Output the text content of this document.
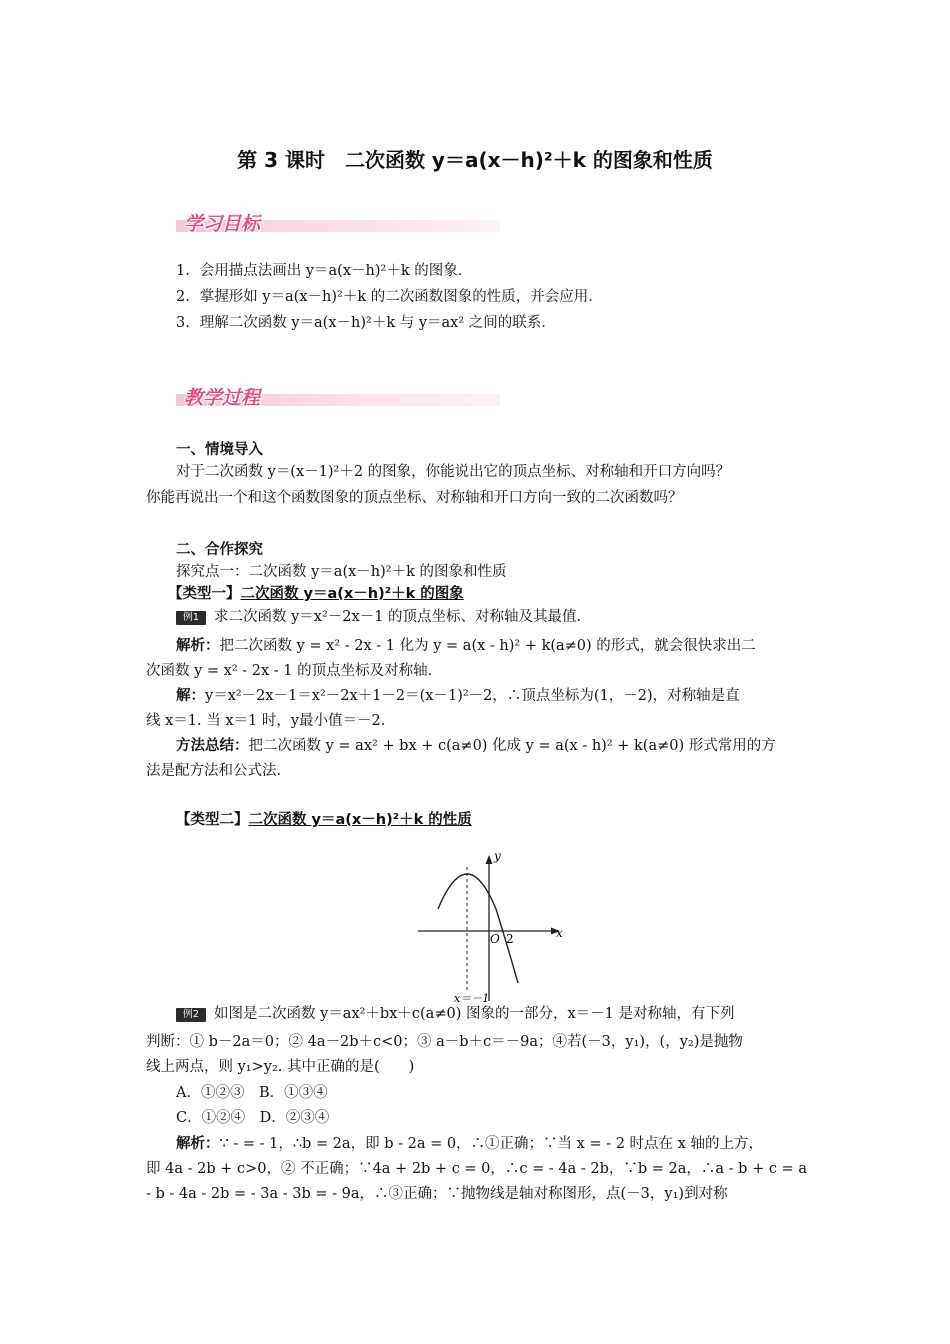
第 3 课时　二次函数 y＝a(x－h)²＋k 的图象和性质
学习目标
1．会用描点法画出 y＝a(x－h)²＋k 的图象．
2．掌握形如 y＝a(x－h)²＋k 的二次函数图象的性质，并会应用．
3．理解二次函数 y＝a(x－h)²＋k 与 y＝ax² 之间的联系．
教学过程
一、情境导入
对于二次函数 y＝(x－1)²＋2 的图象，你能说出它的顶点坐标、对称轴和开口方向吗？
你能再说出一个和这个函数图象的顶点坐标、对称轴和开口方向一致的二次函数吗？
二、合作探究
探究点一：二次函数 y＝a(x－h)²＋k 的图象和性质
【类型一】二次函数 y＝a(x－h)²＋k 的图象
例1 求二次函数 y＝x²－2x－1 的顶点坐标、对称轴及其最值.
解析：把二次函数 y = x² - 2x - 1 化为 y = a(x - h)² + k(a≠0) 的形式，就会很快求出二
次函数 y = x² - 2x - 1 的顶点坐标及对称轴.
解：y＝x²－2x－1＝x²－2x＋1－2＝(x－1)²－2，∴顶点坐标为(1，－2)，对称轴是直
线 x＝1. 当 x＝1 时，y最小值＝－2.
方法总结：把二次函数 y = ax² + bx + c(a≠0) 化成 y = a(x - h)² + k(a≠0) 形式常用的方
法是配方法和公式法.
【类型二】二次函数 y＝a(x－h)²＋k 的性质
y
x
O 2
x＝－1
例2 如图是二次函数 y＝ax²＋bx＋c(a≠0) 图象的一部分，x＝－1 是对称轴，有下列
判断：① b－2a＝0；② 4a－2b＋c<0；③ a－b＋c＝－9a；④若(－3，y₁)，(，y₂)是抛物
线上两点，则 y₁>y₂. 其中正确的是(　　)
A．①②③　B．①③④
C．①②④　D．②③④
解析：∵ - = - 1，∴b = 2a，即 b - 2a = 0，∴①正确；∵当 x = - 2 时点在 x 轴的上方，
即 4a - 2b + c>0，② 不正确；∵4a + 2b + c = 0，∴c = - 4a - 2b，∵b = 2a，∴a - b + c = a
- b - 4a - 2b = - 3a - 3b = - 9a，∴③正确；∵抛物线是轴对称图形，点(－3，y₁)到对称
